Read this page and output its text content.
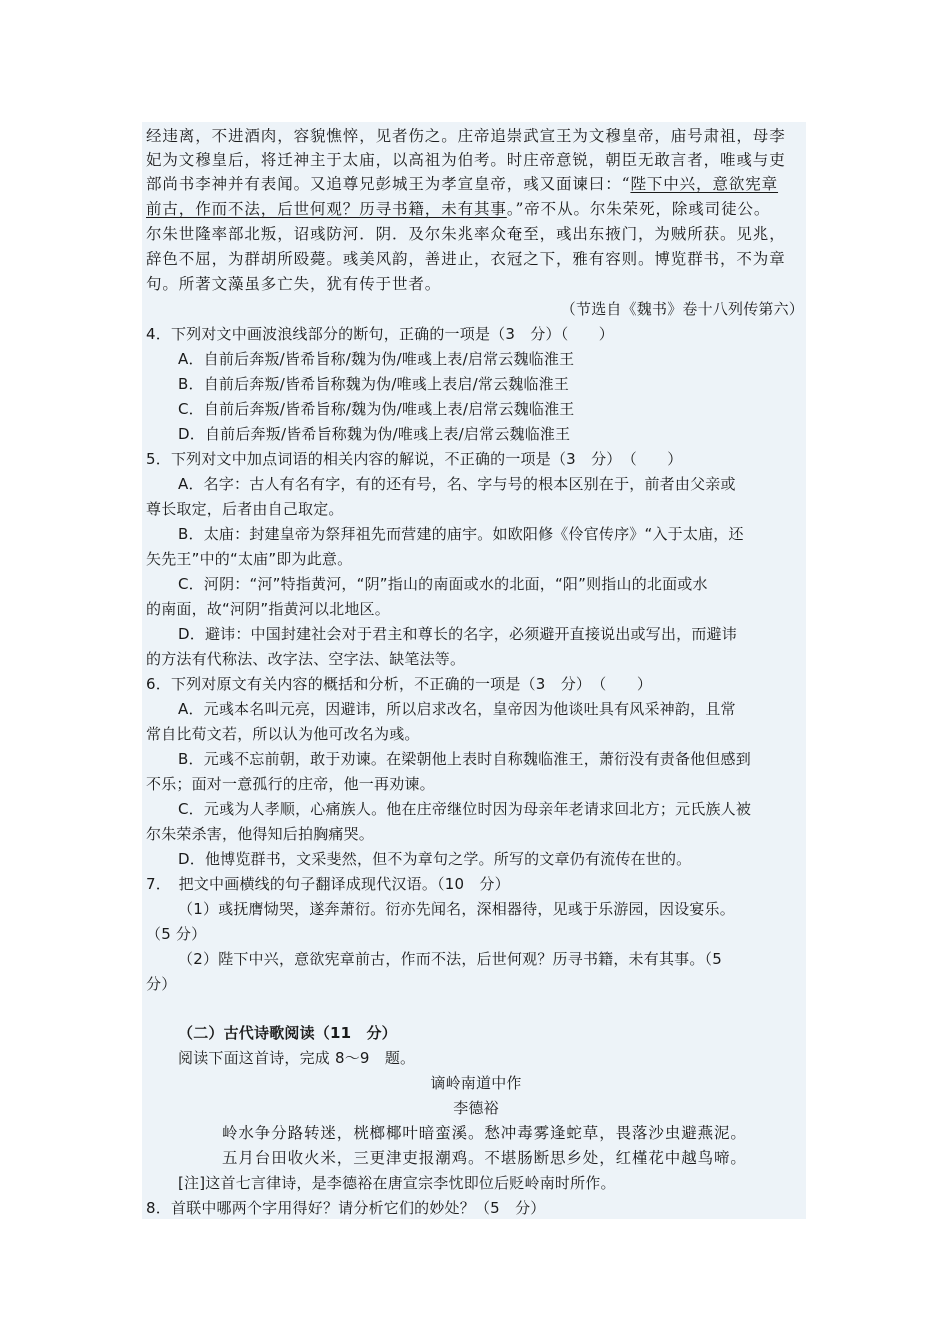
经违离，不进酒肉，容貌憔悴，见者伤之。庄帝追崇武宣王为文穆皇帝，庙号肃祖，母李
妃为文穆皇后，将迁神主于太庙，以高祖为伯考。时庄帝意锐，朝臣无敢言者，唯彧与吏
部尚书李神并有表闻。又追尊兄彭城王为孝宣皇帝，彧又面谏曰：“陛下中兴，意欲宪章
前古，作而不法，后世何观？历寻书籍，未有其事。”帝不从。尔朱荣死，除彧司徒公。
尔朱世隆率部北叛，诏彧防河．阴．及尔朱兆率众奄至，彧出东掖门，为贼所获。见兆，
辞色不屈，为群胡所殴薨。彧美风韵，善进止，衣冠之下，雅有容则。博览群书，不为章
句。所著文藻虽多亡失，犹有传于世者。
（节选自《魏书》卷十八列传第六）
4．下列对文中画波浪线部分的断句，正确的一项是（3　分）（　　）
A．自前后奔叛/皆希旨称/魏为伪/唯彧上表/启常云魏临淮王
B．自前后奔叛/皆希旨称魏为伪/唯彧上表启/常云魏临淮王
C．自前后奔叛/皆希旨称/魏为伪/唯彧上表/启常云魏临淮王
D．自前后奔叛/皆希旨称魏为伪/唯彧上表/启常云魏临淮王
5．下列对文中加点词语的相关内容的解说，不正确的一项是（3　分）　（　　）
A．名字：古人有名有字，有的还有号，名、字与号的根本区别在于，前者由父亲或
尊长取定，后者由自己取定。
B．太庙：封建皇帝为祭拜祖先而营建的庙宇。如欧阳修《伶官传序》“入于太庙，还
矢先王”中的“太庙”即为此意。
C．河阴：“河”特指黄河，“阴”指山的南面或水的北面，“阳”则指山的北面或水
的南面，故“河阴”指黄河以北地区。
D．避讳：中国封建社会对于君主和尊长的名字，必须避开直接说出或写出，而避讳
的方法有代称法、改字法、空字法、缺笔法等。
6．下列对原文有关内容的概括和分析，不正确的一项是（3　分）　（　　）
A．元彧本名叫元亮，因避讳，所以启求改名，皇帝因为他谈吐具有风采神韵，且常
常自比荀文若，所以认为他可改名为彧。
B．元彧不忘前朝，敢于劝谏。在梁朝他上表时自称魏临淮王，萧衍没有责备他但感到
不乐；面对一意孤行的庄帝，他一再劝谏。
C．元彧为人孝顺，心痛族人。他在庄帝继位时因为母亲年老请求回北方；元氏族人被
尔朱荣杀害，他得知后拍胸痛哭。
D．他博览群书，文采斐然，但不为章句之学。所写的文章仍有流传在世的。
7．　把文中画横线的句子翻译成现代汉语。（10　分）
（1）彧抚膺恸哭，遂奔萧衍。衍亦先闻名，深相器待，见彧于乐游园，因设宴乐。
（5 分）
（2）陛下中兴，意欲宪章前古，作而不法，后世何观？历寻书籍，未有其事。（5
分）
（二）古代诗歌阅读（11　分）
阅读下面这首诗，完成 8～9　题。
谪岭南道中作
李德裕
岭水争分路转迷，桄榔椰叶暗蛮溪。愁冲毒雾逢蛇草，畏落沙虫避燕泥。
五月台田收火米，三更津吏报潮鸡。不堪肠断思乡处，红槿花中越鸟啼。
[注]这首七言律诗，是李德裕在唐宣宗李忱即位后贬岭南时所作。
8．首联中哪两个字用得好？请分析它们的妙处？（5　分）
